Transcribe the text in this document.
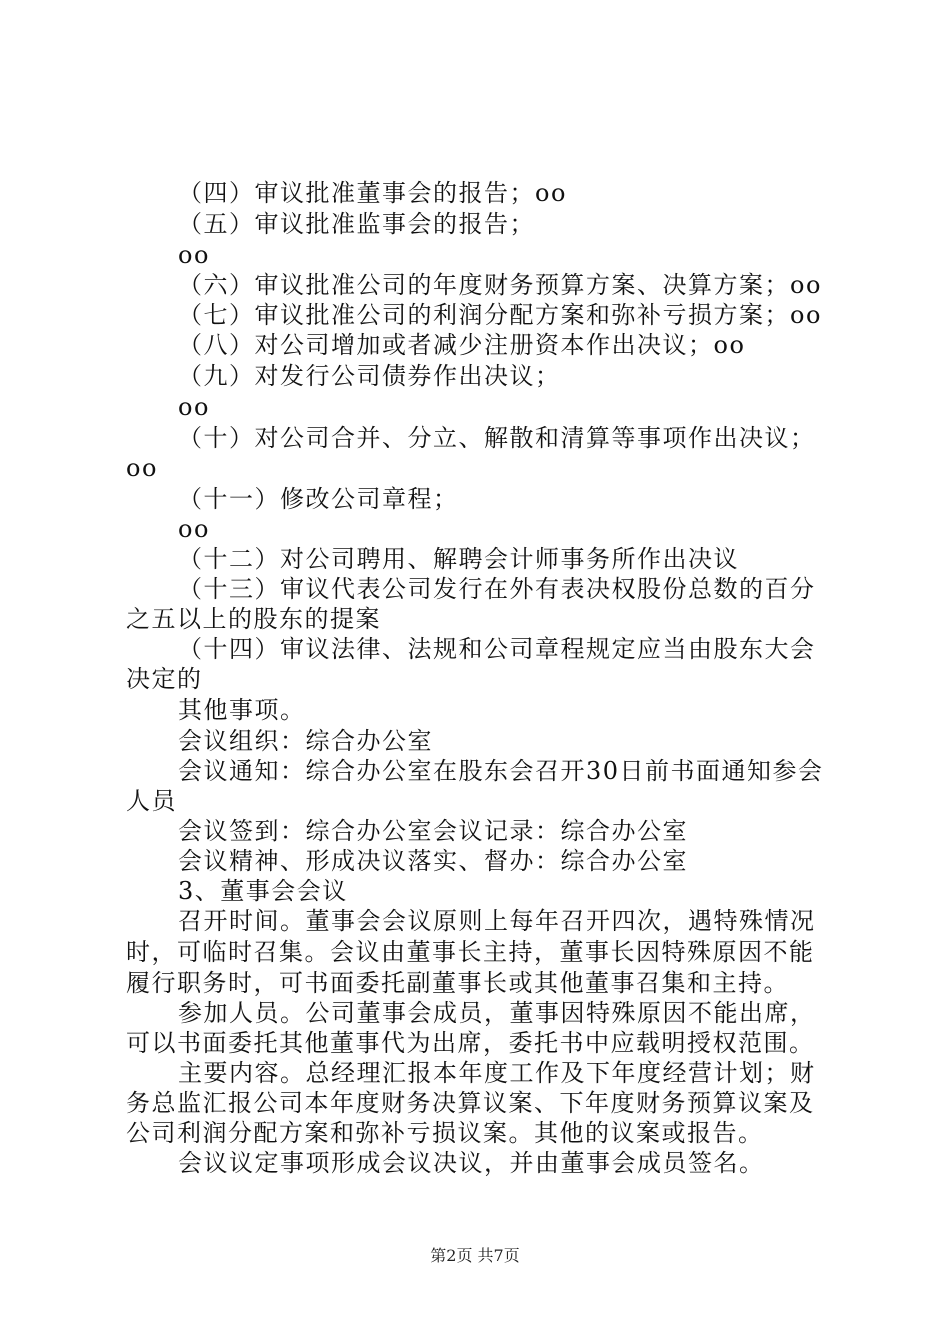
（四）审议批准董事会的报告；oo
（五）审议批准监事会的报告；
oo
（六）审议批准公司的年度财务预算方案、决算方案；oo
（七）审议批准公司的利润分配方案和弥补亏损方案；oo
（八）对公司增加或者减少注册资本作出决议；oo
（九）对发行公司债券作出决议；
oo
（十）对公司合并、分立、解散和清算等事项作出决议；
oo
（十一）修改公司章程；
oo
（十二）对公司聘用、解聘会计师事务所作出决议
（十三）审议代表公司发行在外有表决权股份总数的百分
之五以上的股东的提案
（十四）审议法律、法规和公司章程规定应当由股东大会
决定的
其他事项。
会议组织：综合办公室
会议通知：综合办公室在股东会召开30日前书面通知参会
人员
会议签到：综合办公室会议记录：综合办公室
会议精神、形成决议落实、督办：综合办公室
3、董事会会议
召开时间。董事会会议原则上每年召开四次，遇特殊情况
时，可临时召集。会议由董事长主持，董事长因特殊原因不能
履行职务时，可书面委托副董事长或其他董事召集和主持。
参加人员。公司董事会成员，董事因特殊原因不能出席，
可以书面委托其他董事代为出席，委托书中应载明授权范围。
主要内容。总经理汇报本年度工作及下年度经营计划；财
务总监汇报公司本年度财务决算议案、下年度财务预算议案及
公司利润分配方案和弥补亏损议案。其他的议案或报告。
会议议定事项形成会议决议，并由董事会成员签名。
第2页 共7页
